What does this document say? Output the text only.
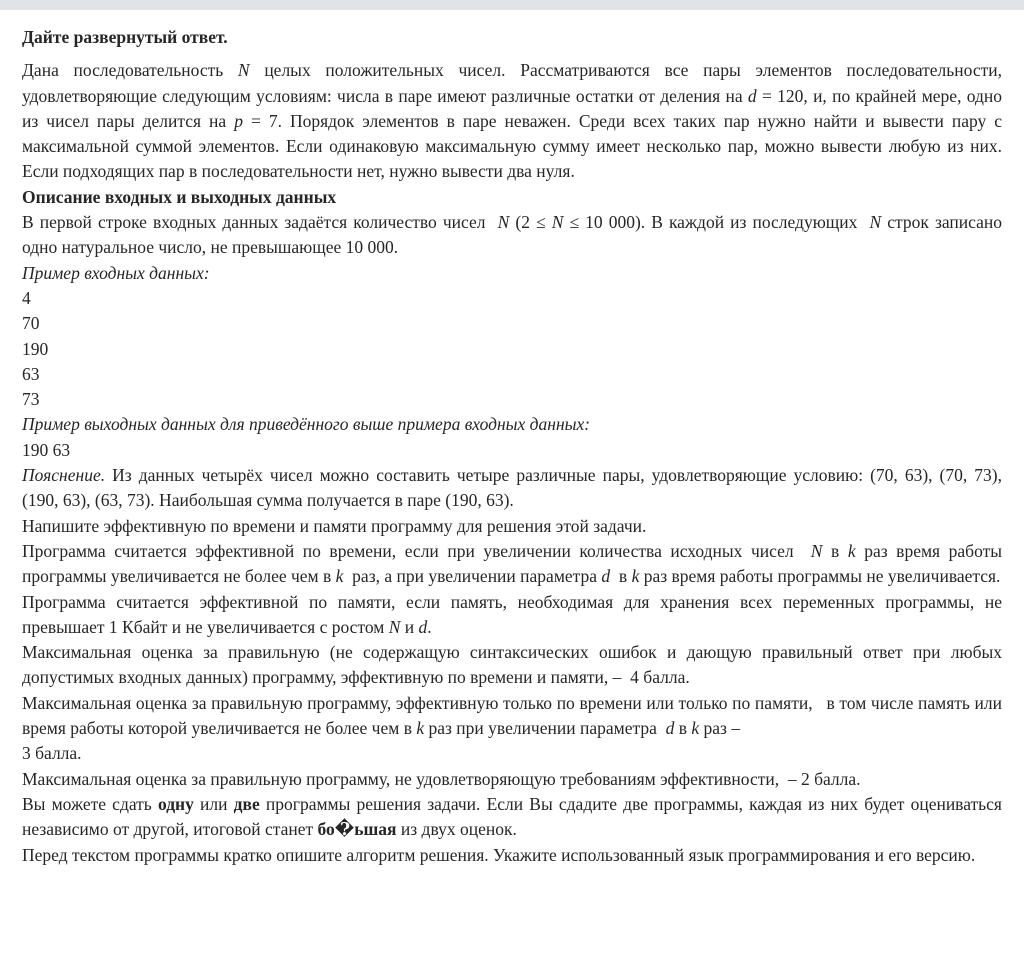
Дайте развернутый ответ.
Дана последовательность N целых положительных чисел. Рассматриваются все пары элементов последовательности, удовлетворяющие следующим условиям: числа в паре имеют различные остатки от деления на d = 120, и, по крайней мере, одно из чисел пары делится на p = 7. Порядок элементов в паре неважен. Среди всех таких пар нужно найти и вывести пару с максимальной суммой элементов. Если одинаковую максимальную сумму имеет несколько пар, можно вывести любую из них. Если подходящих пар в последовательности нет, нужно вывести два нуля.
Описание входных и выходных данных
В первой строке входных данных задаётся количество чисел  N (2 ≤ N ≤ 10 000). В каждой из последующих  N строк записано одно натуральное число, не превышающее 10 000.
Пример входных данных:
4
70
190
63
73
Пример выходных данных для приведённого выше примера входных данных:
190 63
Пояснение. Из данных четырёх чисел можно составить четыре различные пары, удовлетворяющие условию: (70, 63), (70, 73), (190, 63), (63, 73). Наибольшая сумма получается в паре (190, 63).
Напишите эффективную по времени и памяти программу для решения этой задачи.
Программа считается эффективной по времени, если при увеличении количества исходных чисел  N в k раз время работы программы увеличивается не более чем в k  раз, а при увеличении параметра d  в k раз время работы программы не увеличивается.
Программа считается эффективной по памяти, если память, необходимая для хранения всех переменных программы, не превышает 1 Кбайт и не увеличивается с ростом N и d.
Максимальная оценка за правильную (не содержащую синтаксических ошибок и дающую правильный ответ при любых допустимых входных данных) программу, эффективную по времени и памяти, –  4 балла.
Максимальная оценка за правильную программу, эффективную только по времени или только по памяти,   в том числе память или время работы которой увеличивается не более чем в k раз при увеличении параметра  d в k раз –
3 балла.
Максимальная оценка за правильную программу, не удовлетворяющую требованиям эффективности,  – 2 балла.
Вы можете сдать одну или две программы решения задачи. Если Вы сдадите две программы, каждая из них будет оцениваться независимо от другой, итоговой станет бо�ьшая из двух оценок.
Перед текстом программы кратко опишите алгоритм решения. Укажите использованный язык программирования и его версию.
